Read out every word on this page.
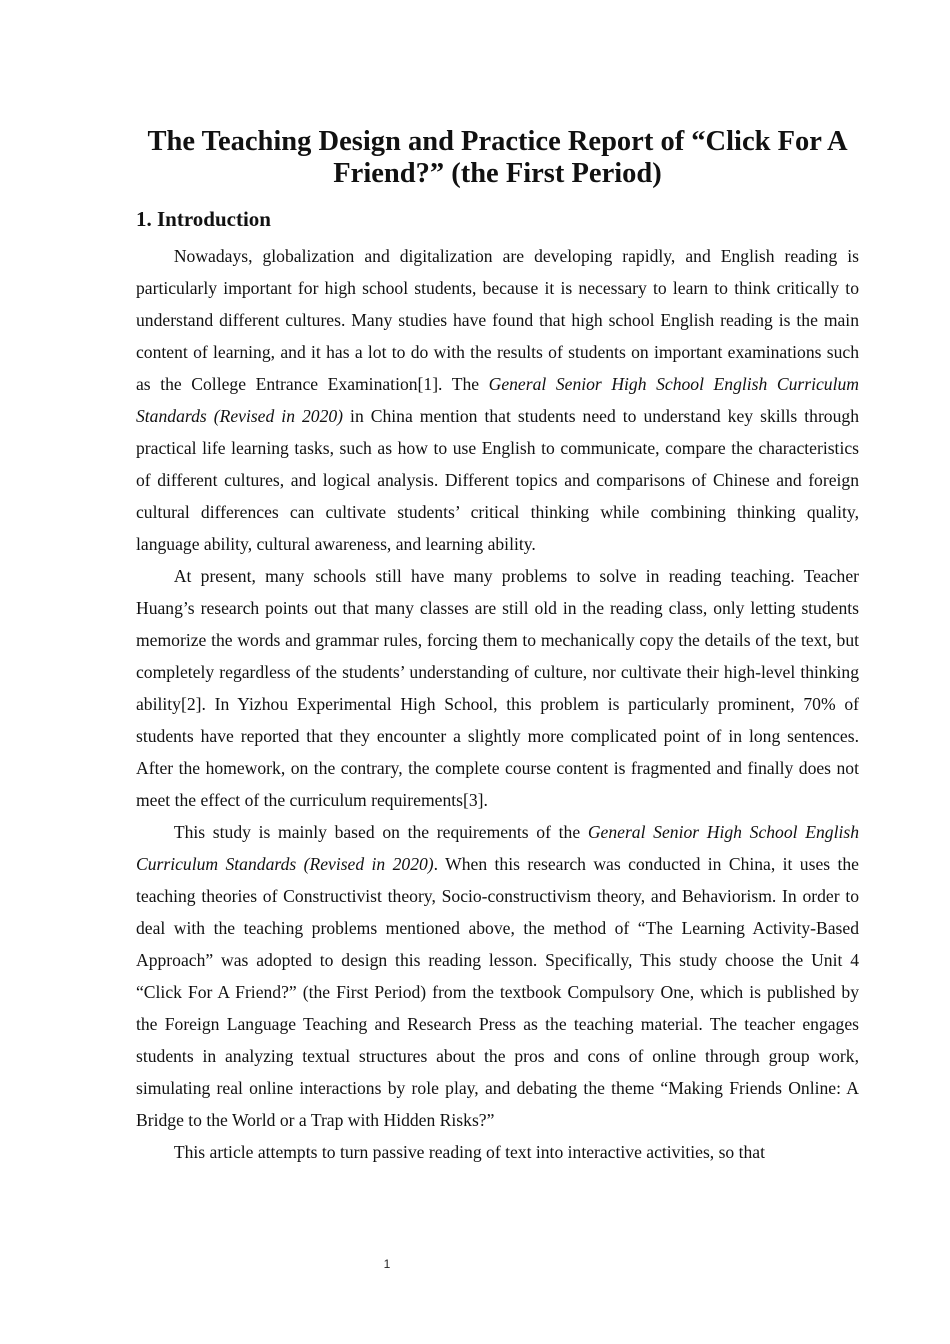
The Teaching Design and Practice Report of “Click For A Friend?” (the First Period)
1. Introduction

Nowadays, globalization and digitalization are developing rapidly, and English reading is particularly important for high school students, because it is necessary to learn to think critically to understand different cultures. Many studies have found that high school English reading is the main content of learning, and it has a lot to do with the results of students on important examinations such as the College Entrance Examination[1]. The General Senior High School English Curriculum Standards (Revised in 2020) in China mention that students need to understand key skills through practical life learning tasks, such as how to use English to communicate, compare the characteristics of different cultures, and logical analysis. Different topics and comparisons of Chinese and foreign cultural differences can cultivate students’ critical thinking while combining thinking quality, language ability, cultural awareness, and learning ability.

At present, many schools still have many problems to solve in reading teaching. Teacher Huang’s research points out that many classes are still old in the reading class, only letting students memorize the words and grammar rules, forcing them to mechanically copy the details of the text, but completely regardless of the students’ understanding of culture, nor cultivate their high-level thinking ability[2]. In Yizhou Experimental High School, this problem is particularly prominent, 70% of students have reported that they encounter a slightly more complicated point of in long sentences. After the homework, on the contrary, the complete course content is fragmented and finally does not meet the effect of the curriculum requirements[3].

This study is mainly based on the requirements of the General Senior High School English Curriculum Standards (Revised in 2020). When this research was conducted in China, it uses the teaching theories of Constructivist theory, Socio-constructivism theory, and Behaviorism. In order to deal with the teaching problems mentioned above, the method of “The Learning Activity-Based Approach” was adopted to design this reading lesson. Specifically, This study choose the Unit 4 “Click For A Friend?” (the First Period) from the textbook Compulsory One, which is published by the Foreign Language Teaching and Research Press as the teaching material. The teacher engages students in analyzing textual structures about the pros and cons of online through group work, simulating real online interactions by role play, and debating the theme “Making Friends Online: A Bridge to the World or a Trap with Hidden Risks?”

This article attempts to turn passive reading of text into interactive activities, so that

1
